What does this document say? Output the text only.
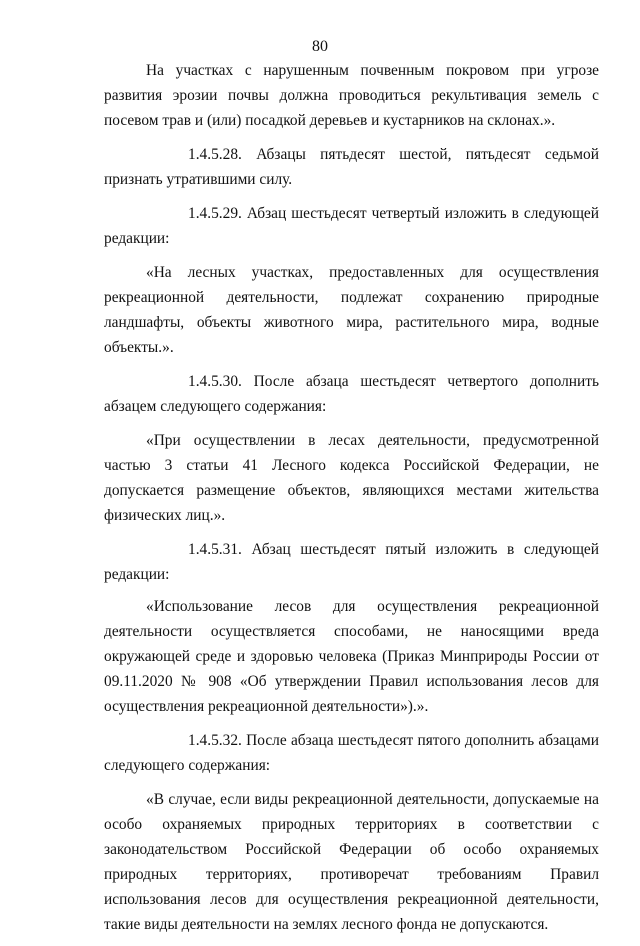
80

На участках с нарушенным почвенным покровом при угрозе развития эрозии почвы должна проводиться рекультивация земель с посевом трав и (или) посадкой деревьев и кустарников на склонах.».

1.4.5.28. Абзацы пятьдесят шестой, пятьдесят седьмой признать утратившими силу.

1.4.5.29. Абзац шестьдесят четвертый изложить в следующей редакции:

«На лесных участках, предоставленных для осуществления рекреационной деятельности, подлежат сохранению природные ландшафты, объекты животного мира, растительного мира, водные объекты.».

1.4.5.30. После абзаца шестьдесят четвертого дополнить абзацем следующего содержания:

«При осуществлении в лесах деятельности, предусмотренной частью 3 статьи 41 Лесного кодекса Российской Федерации, не допускается размещение объектов, являющихся местами жительства физических лиц.».

1.4.5.31. Абзац шестьдесят пятый изложить в следующей редакции:

«Использование лесов для осуществления рекреационной деятельности осуществляется способами, не наносящими вреда окружающей среде и здоровью человека (Приказ Минприроды России от 09.11.2020 № 908 «Об утверждении Правил использования лесов для осуществления рекреационной деятельности»).».

1.4.5.32. После абзаца шестьдесят пятого дополнить абзацами следующего содержания:

«В случае, если виды рекреационной деятельности, допускаемые на особо охраняемых природных территориях в соответствии с законодательством Российской Федерации об особо охраняемых природных территориях, противоречат требованиям Правил использования лесов для осуществления рекреационной деятельности, такие виды деятельности на землях лесного фонда не допускаются.
